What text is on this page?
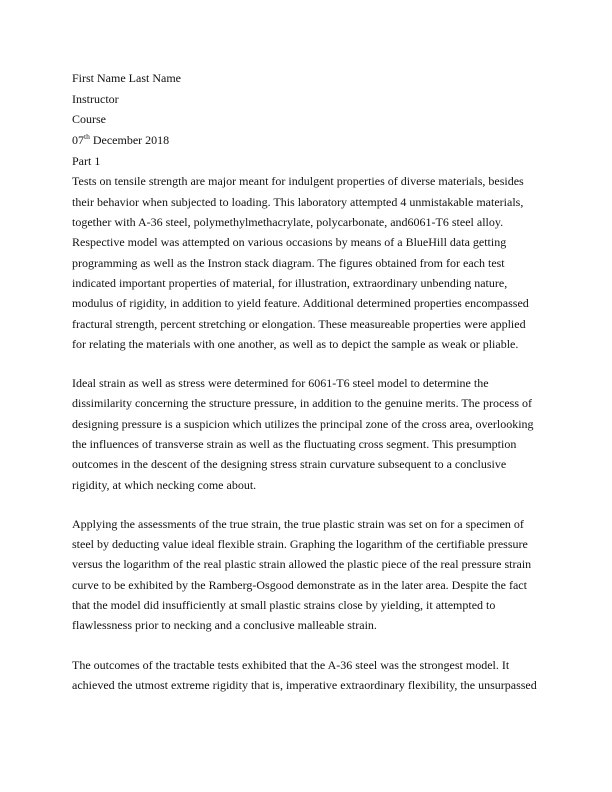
First Name Last Name
Instructor
Course
07th December 2018
Part 1
Tests on tensile strength are major meant for indulgent properties of diverse materials, besides
their behavior when subjected to loading. This laboratory attempted 4 unmistakable materials,
together with A-36 steel, polymethylmethacrylate, polycarbonate, and6061-T6 steel alloy.
Respective model was attempted on various occasions by means of a BlueHill data getting
programming as well as the Instron stack diagram. The figures obtained from for each test
indicated important properties of material, for illustration, extraordinary unbending nature,
modulus of rigidity, in addition to yield feature. Additional determined properties encompassed
fractural strength, percent stretching or elongation. These measureable properties were applied
for relating the materials with one another, as well as to depict the sample as weak or pliable.
Ideal strain as well as stress were determined for 6061-T6 steel model to determine the
dissimilarity concerning the structure pressure, in addition to the genuine merits. The process of
designing pressure is a suspicion which utilizes the principal zone of the cross area, overlooking
the influences of transverse strain as well as the fluctuating cross segment. This presumption
outcomes in the descent of the designing stress strain curvature subsequent to a conclusive
rigidity, at which necking come about.
Applying the assessments of the true strain, the true plastic strain was set on for a specimen of
steel by deducting value ideal flexible strain. Graphing the logarithm of the certifiable pressure
versus the logarithm of the real plastic strain allowed the plastic piece of the real pressure strain
curve to be exhibited by the Ramberg-Osgood demonstrate as in the later area. Despite the fact
that the model did insufficiently at small plastic strains close by yielding, it attempted to
flawlessness prior to necking and a conclusive malleable strain.
The outcomes of the tractable tests exhibited that the A-36 steel was the strongest model. It
achieved the utmost extreme rigidity that is, imperative extraordinary flexibility, the unsurpassed
